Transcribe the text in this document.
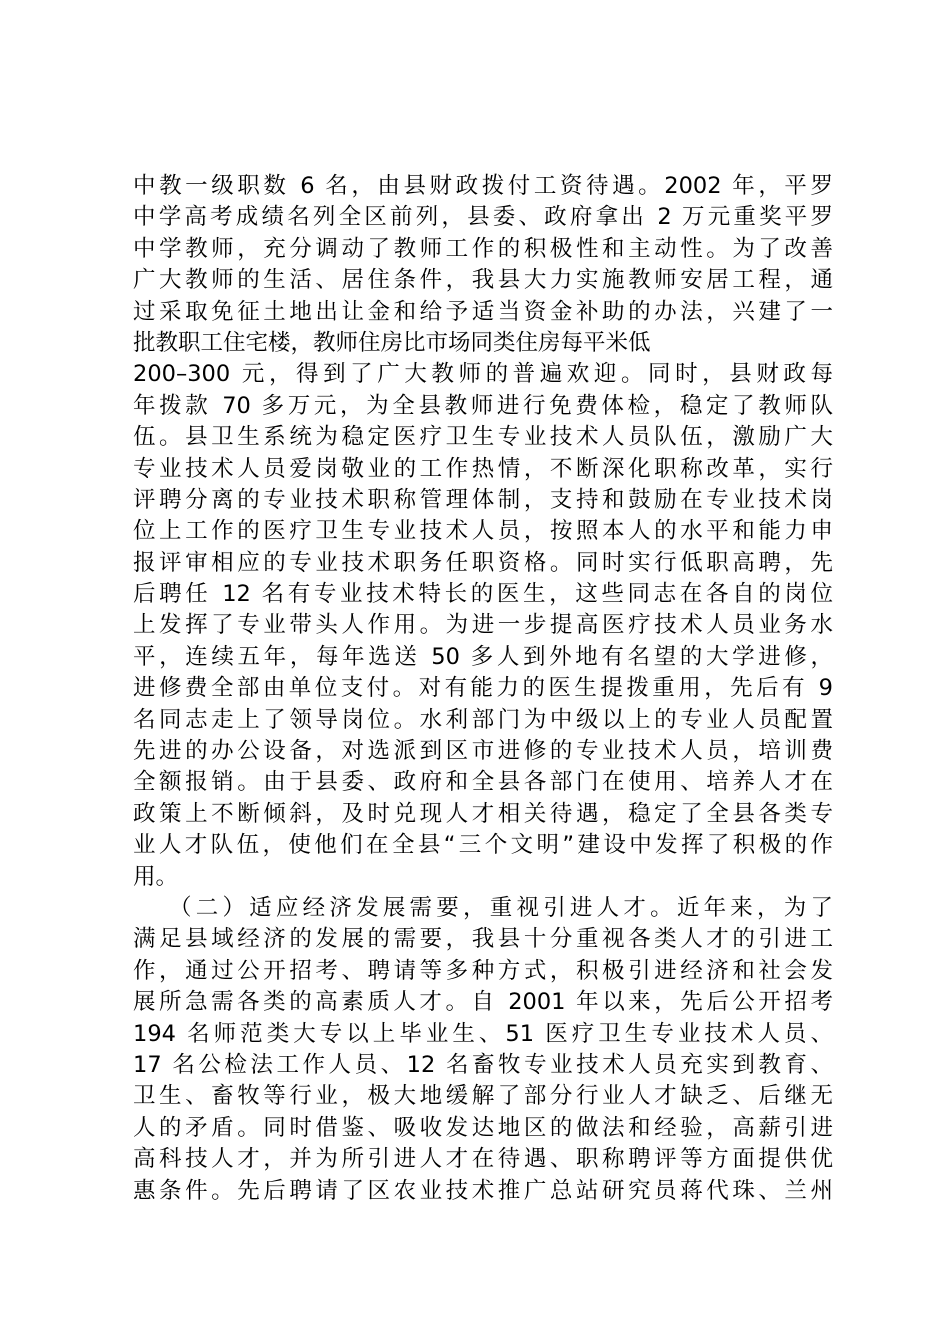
中教一级职数 6 名，由县财政拨付工资待遇。2002 年，平罗
中学高考成绩名列全区前列，县委、政府拿出 2 万元重奖平罗
中学教师，充分调动了教师工作的积极性和主动性。为了改善
广大教师的生活、居住条件，我县大力实施教师安居工程，通
过采取免征土地出让金和给予适当资金补助的办法，兴建了一
批教职工住宅楼，教师住房比市场同类住房每平米低
200–300 元，得到了广大教师的普遍欢迎。同时，县财政每
年拨款 70 多万元，为全县教师进行免费体检，稳定了教师队
伍。县卫生系统为稳定医疗卫生专业技术人员队伍，激励广大
专业技术人员爱岗敬业的工作热情，不断深化职称改革，实行
评聘分离的专业技术职称管理体制，支持和鼓励在专业技术岗
位上工作的医疗卫生专业技术人员，按照本人的水平和能力申
报评审相应的专业技术职务任职资格。同时实行低职高聘，先
后聘任 12 名有专业技术特长的医生，这些同志在各自的岗位
上发挥了专业带头人作用。为进一步提高医疗技术人员业务水
平，连续五年，每年选送 50 多人到外地有名望的大学进修，
进修费全部由单位支付。对有能力的医生提拨重用，先后有 9
名同志走上了领导岗位。水利部门为中级以上的专业人员配置
先进的办公设备，对选派到区市进修的专业技术人员，培训费
全额报销。由于县委、政府和全县各部门在使用、培养人才在
政策上不断倾斜，及时兑现人才相关待遇，稳定了全县各类专
业人才队伍，使他们在全县“三个文明”建设中发挥了积极的作
用。
（二）适应经济发展需要，重视引进人才。近年来，为了
满足县域经济的发展的需要，我县十分重视各类人才的引进工
作，通过公开招考、聘请等多种方式，积极引进经济和社会发
展所急需各类的高素质人才。自 2001 年以来，先后公开招考
194 名师范类大专以上毕业生、51 医疗卫生专业技术人员、
17 名公检法工作人员、12 名畜牧专业技术人员充实到教育、
卫生、畜牧等行业，极大地缓解了部分行业人才缺乏、后继无
人的矛盾。同时借鉴、吸收发达地区的做法和经验，高薪引进
高科技人才，并为所引进人才在待遇、职称聘评等方面提供优
惠条件。先后聘请了区农业技术推广总站研究员蒋代珠、兰州
